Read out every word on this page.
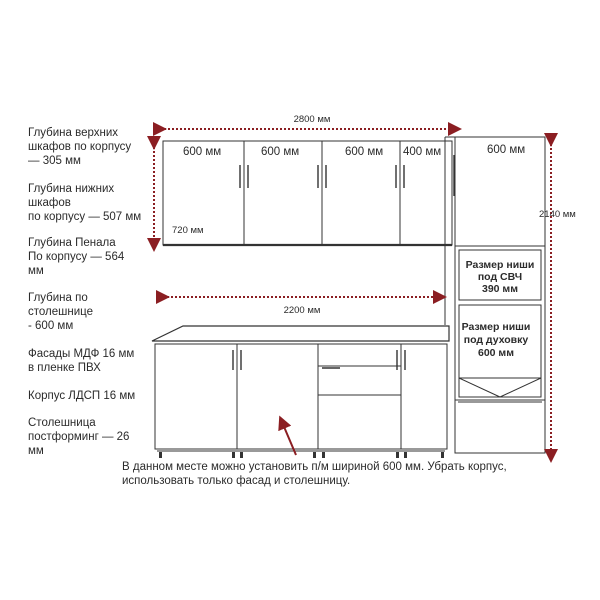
Глубина верхних
шкафов по корпусу
— 305 мм
Глубина нижних
шкафов
по корпусу — 507 мм
Глубина Пенала
По корпусу — 564
мм
Глубина по
столешнице
- 600 мм
Фасады МДФ 16 мм
в пленке ПВХ
Корпус ЛДСП 16 мм
Столешница
постформинг — 26
мм
2800 мм
600 мм	600 мм	600 мм 400 мм
720 мм
600 мм
Размер ниши
под СВЧ
390 мм
Размер ниши
под духовку
600 мм
2140 мм
2200 мм
В данном месте можно установить п/м шириной 600 мм. Убрать корпус, использовать только фасад и столешницу.
